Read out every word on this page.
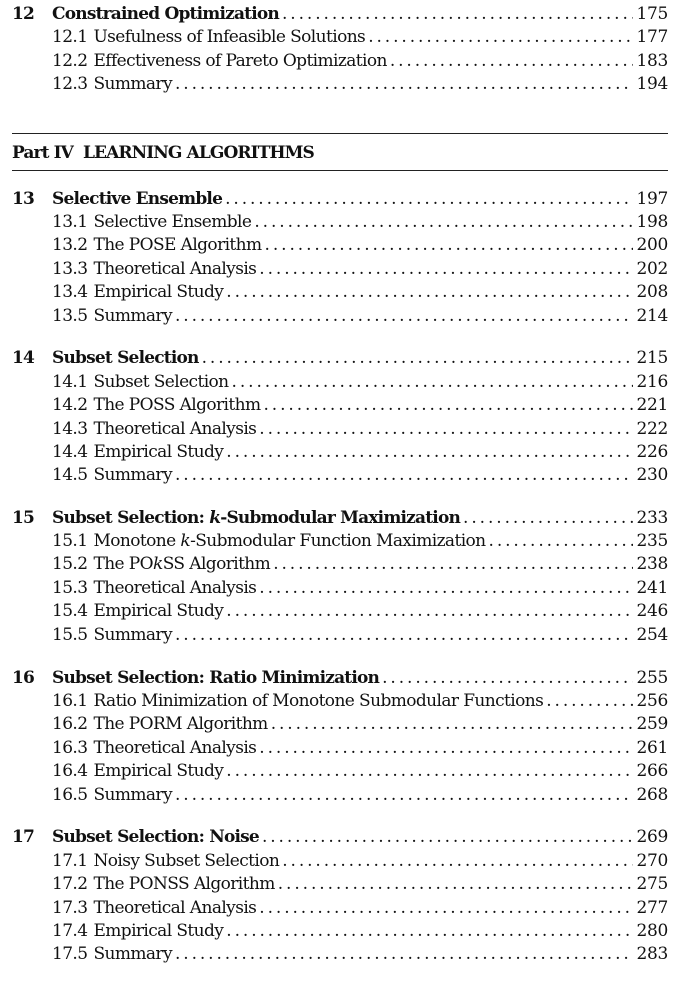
12	Constrained Optimization .....	175
12.1 Usefulness of Infeasible Solutions .....	177
12.2 Effectiveness of Pareto Optimization .....	183
12.3 Summary .....	194
Part IV LEARNING ALGORITHMS
13	Selective Ensemble .....	197
13.1 Selective Ensemble .....	198
13.2 The POSE Algorithm .....	200
13.3 Theoretical Analysis .....	202
13.4 Empirical Study .....	208
13.5 Summary .....	214
14	Subset Selection .....	215
14.1 Subset Selection .....	216
14.2 The POSS Algorithm .....	221
14.3 Theoretical Analysis .....	222
14.4 Empirical Study .....	226
14.5 Summary .....	230
15	Subset Selection: k-Submodular Maximization .....	233
15.1 Monotone k-Submodular Function Maximization .....	235
15.2 The POkSS Algorithm .....	238
15.3 Theoretical Analysis .....	241
15.4 Empirical Study .....	246
15.5 Summary .....	254
16	Subset Selection: Ratio Minimization .....	255
16.1 Ratio Minimization of Monotone Submodular Functions .....	256
16.2 The PORM Algorithm .....	259
16.3 Theoretical Analysis .....	261
16.4 Empirical Study .....	266
16.5 Summary .....	268
17	Subset Selection: Noise .....	269
17.1 Noisy Subset Selection .....	270
17.2 The PONSS Algorithm .....	275
17.3 Theoretical Analysis .....	277
17.4 Empirical Study .....	280
17.5 Summary .....	283
